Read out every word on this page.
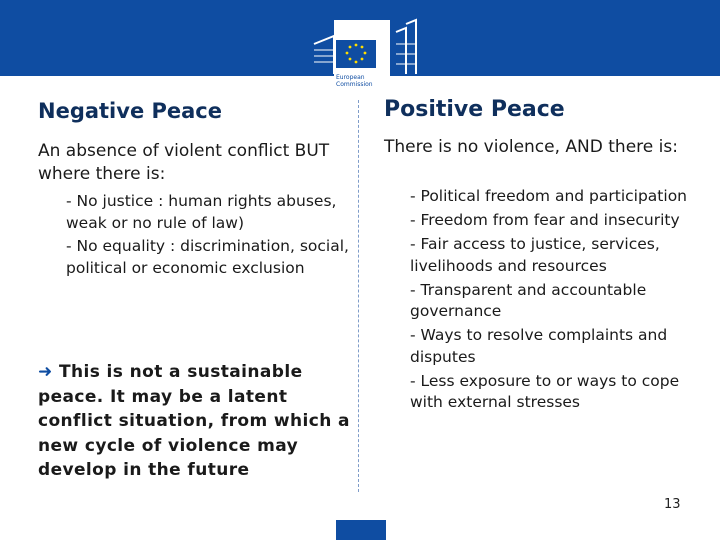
European Commission
Negative Peace
An absence of violent conflict BUT where there is:
- No justice : human rights abuses, weak or no rule of law)
- No equality : discrimination, social, political or economic exclusion
➜ This is not a sustainable peace. It may be a latent conflict situation, from which a new cycle of violence may develop in the future
Positive Peace
There is no violence, AND there is:
- Political freedom and participation
- Freedom from fear and insecurity
- Fair access to justice, services, livelihoods and resources
- Transparent and accountable governance
- Ways to resolve complaints and disputes
- Less exposure to or ways to cope with external stresses
13
